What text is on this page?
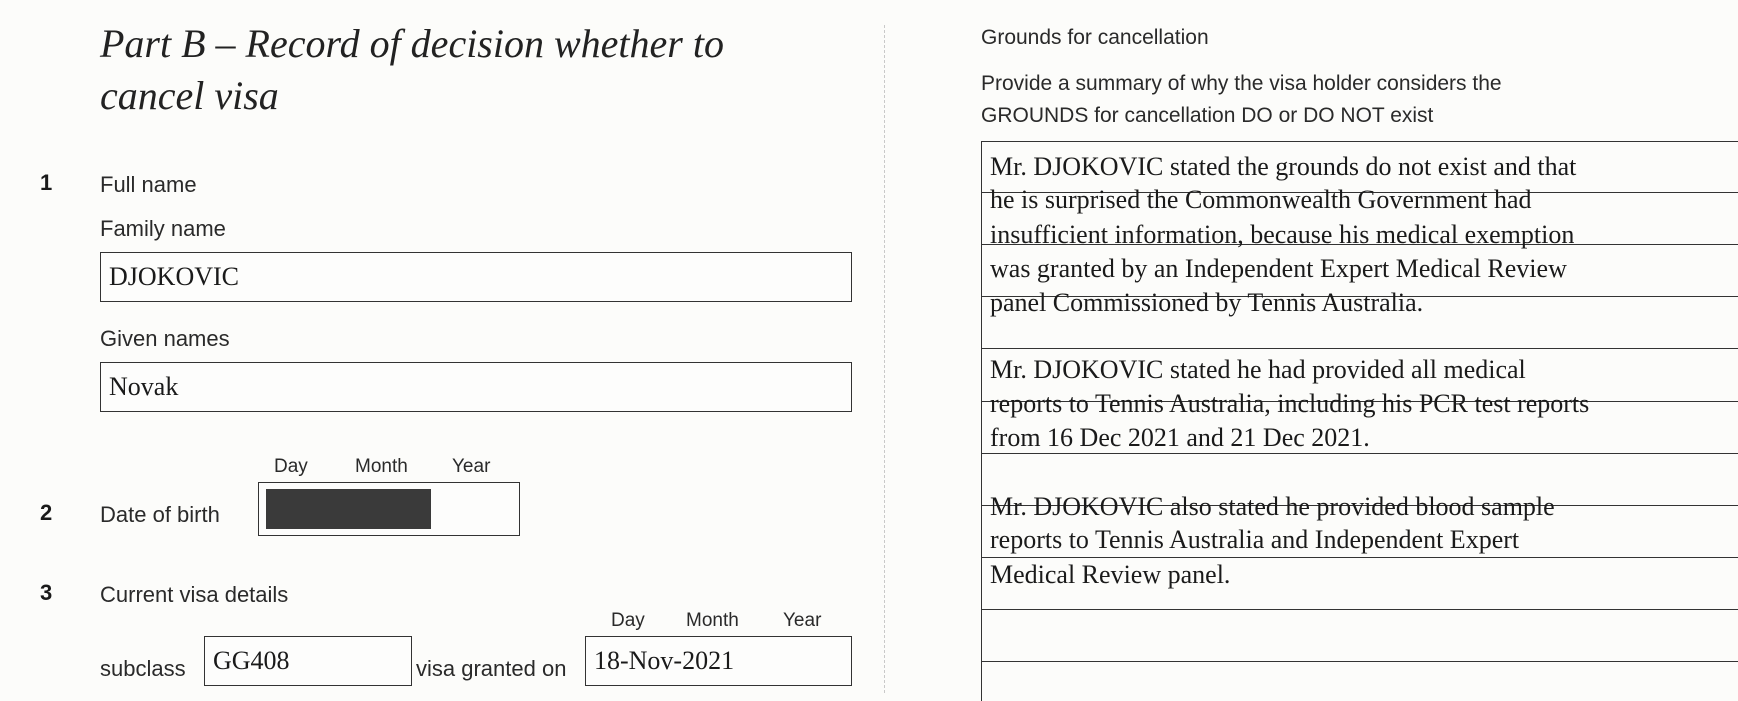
Part B – Record of decision whether to cancel visa
1 Full name
Family name
DJOKOVIC
Given names
Novak
Day Month Year
2 Date of birth
3 Current visa details
Day Month Year
subclass	GG408	visa granted on	18-Nov-2021
Grounds for cancellation
Provide a summary of why the visa holder considers the
GROUNDS for cancellation DO or DO NOT exist
Mr. DJOKOVIC stated the grounds do not exist and that
he is surprised the Commonwealth Government had
insufficient information, because his medical exemption
was granted by an Independent Expert Medical Review
panel Commissioned by Tennis Australia.
Mr. DJOKOVIC stated he had provided all medical
reports to Tennis Australia, including his PCR test reports
from 16 Dec 2021 and 21 Dec 2021.
Mr. DJOKOVIC also stated he provided blood sample
reports to Tennis Australia and Independent Expert
Medical Review panel.
